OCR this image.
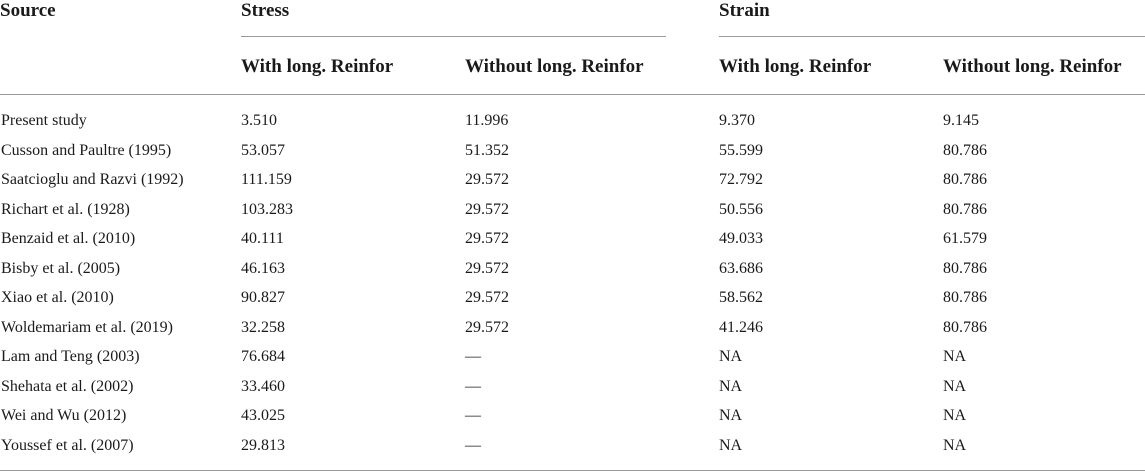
Source	Stress	Strain
With long. Reinfor	Without long. Reinfor	With long. Reinfor	Without long. Reinfor
Present study	3.510	11.996	9.370	9.145
Cusson and Paultre (1995)	53.057	51.352	55.599	80.786
Saatcioglu and Razvi (1992)	111.159	29.572	72.792	80.786
Richart et al. (1928)	103.283	29.572	50.556	80.786
Benzaid et al. (2010)	40.111	29.572	49.033	61.579
Bisby et al. (2005)	46.163	29.572	63.686	80.786
Xiao et al. (2010)	90.827	29.572	58.562	80.786
Woldemariam et al. (2019)	32.258	29.572	41.246	80.786
Lam and Teng (2003)	76.684	—	NA	NA
Shehata et al. (2002)	33.460	—	NA	NA
Wei and Wu (2012)	43.025	—	NA	NA
Youssef et al. (2007)	29.813	—	NA	NA
